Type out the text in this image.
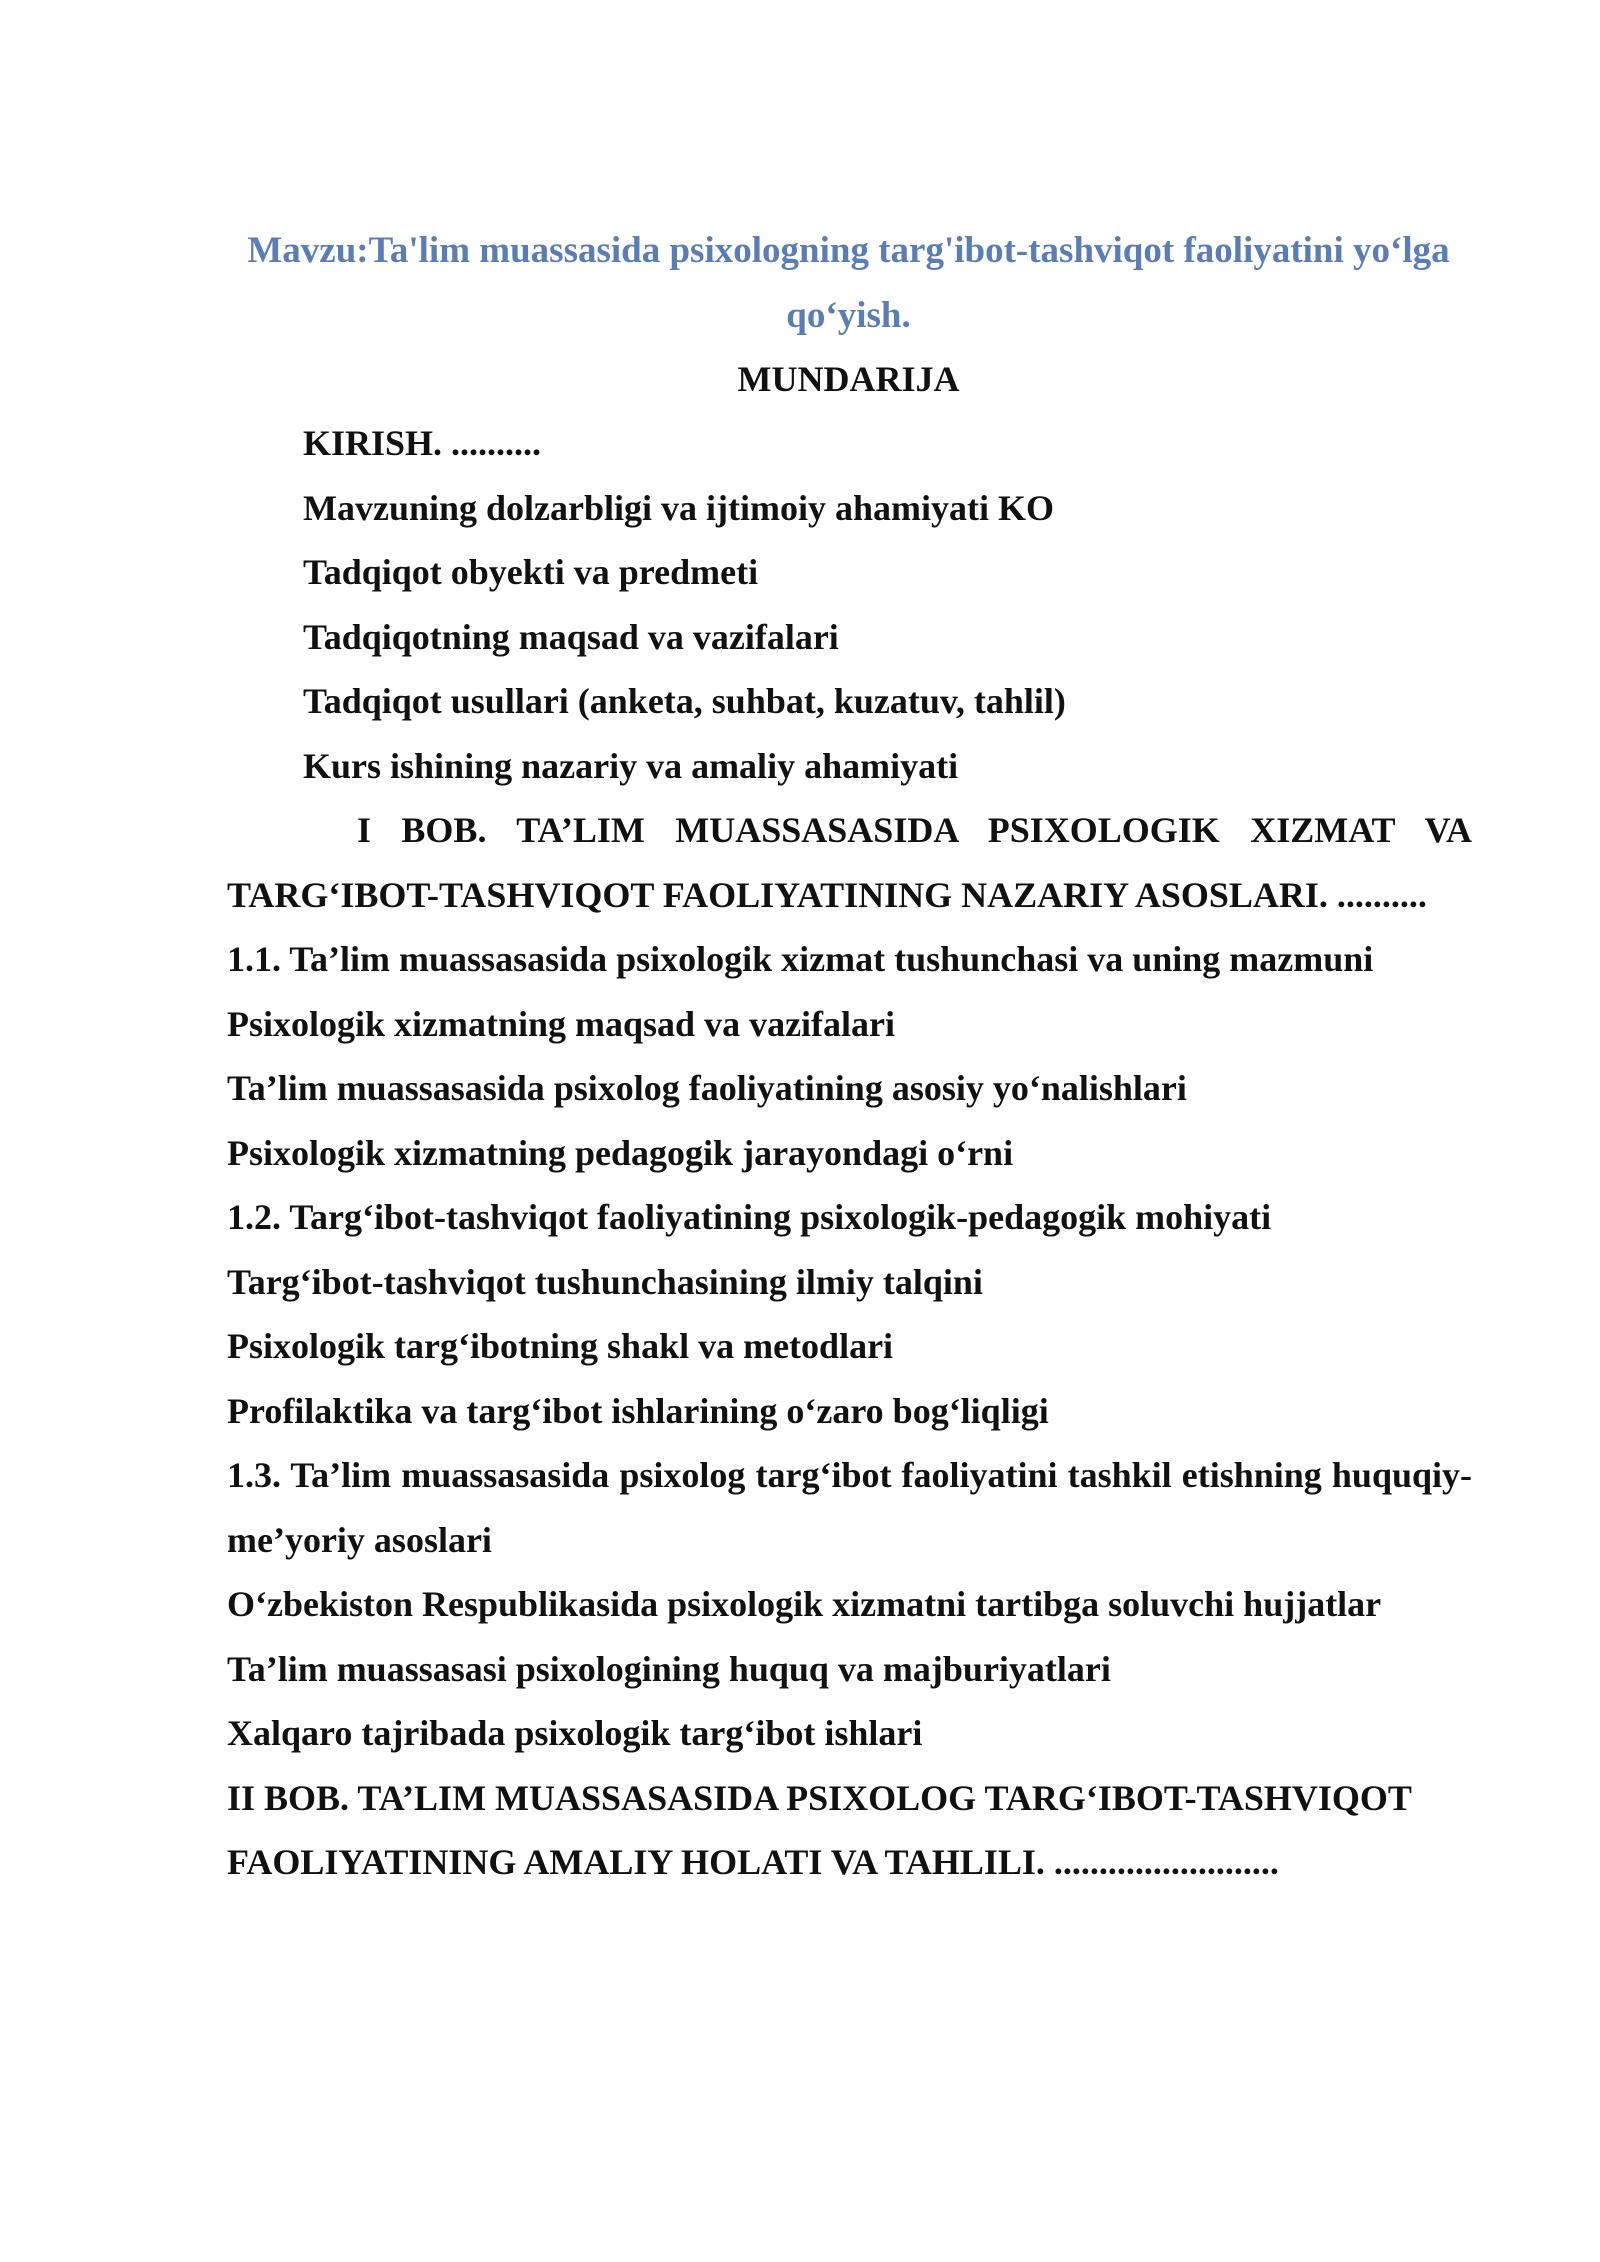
Mavzu:Ta'lim muassasida psixologning targ'ibot-tashviqot faoliyatini yo‘lga
qo‘yish.
MUNDARIJA
KIRISH. ..........
Mavzuning dolzarbligi va ijtimoiy ahamiyati KO
Tadqiqot obyekti va predmeti
Tadqiqotning maqsad va vazifalari
Tadqiqot usullari (anketa, suhbat, kuzatuv, tahlil)
Kurs ishining nazariy va amaliy ahamiyati
I BOB. TA’LIM MUASSASASIDA PSIXOLOGIK XIZMAT VA TARG‘IBOT-TASHVIQOT FAOLIYATINING NAZARIY ASOSLARI. ..........
1.1. Ta’lim muassasasida psixologik xizmat tushunchasi va uning mazmuni
Psixologik xizmatning maqsad va vazifalari
Ta’lim muassasasida psixolog faoliyatining asosiy yo‘nalishlari
Psixologik xizmatning pedagogik jarayondagi o‘rni
1.2. Targ‘ibot-tashviqot faoliyatining psixologik-pedagogik mohiyati
Targ‘ibot-tashviqot tushunchasining ilmiy talqini
Psixologik targ‘ibotning shakl va metodlari
Profilaktika va targ‘ibot ishlarining o‘zaro bog‘liqligi
1.3. Ta’lim muassasasida psixolog targ‘ibot faoliyatini tashkil etishning huquqiy-me’yoriy asoslari
O‘zbekiston Respublikasida psixologik xizmatni tartibga soluvchi hujjatlar
Ta’lim muassasasi psixologining huquq va majburiyatlari
Xalqaro tajribada psixologik targ‘ibot ishlari
II BOB. TA’LIM MUASSASASIDA PSIXOLOG TARG‘IBOT-TASHVIQOT
FAOLIYATINING AMALIY HOLATI VA TAHLILI. .........................
